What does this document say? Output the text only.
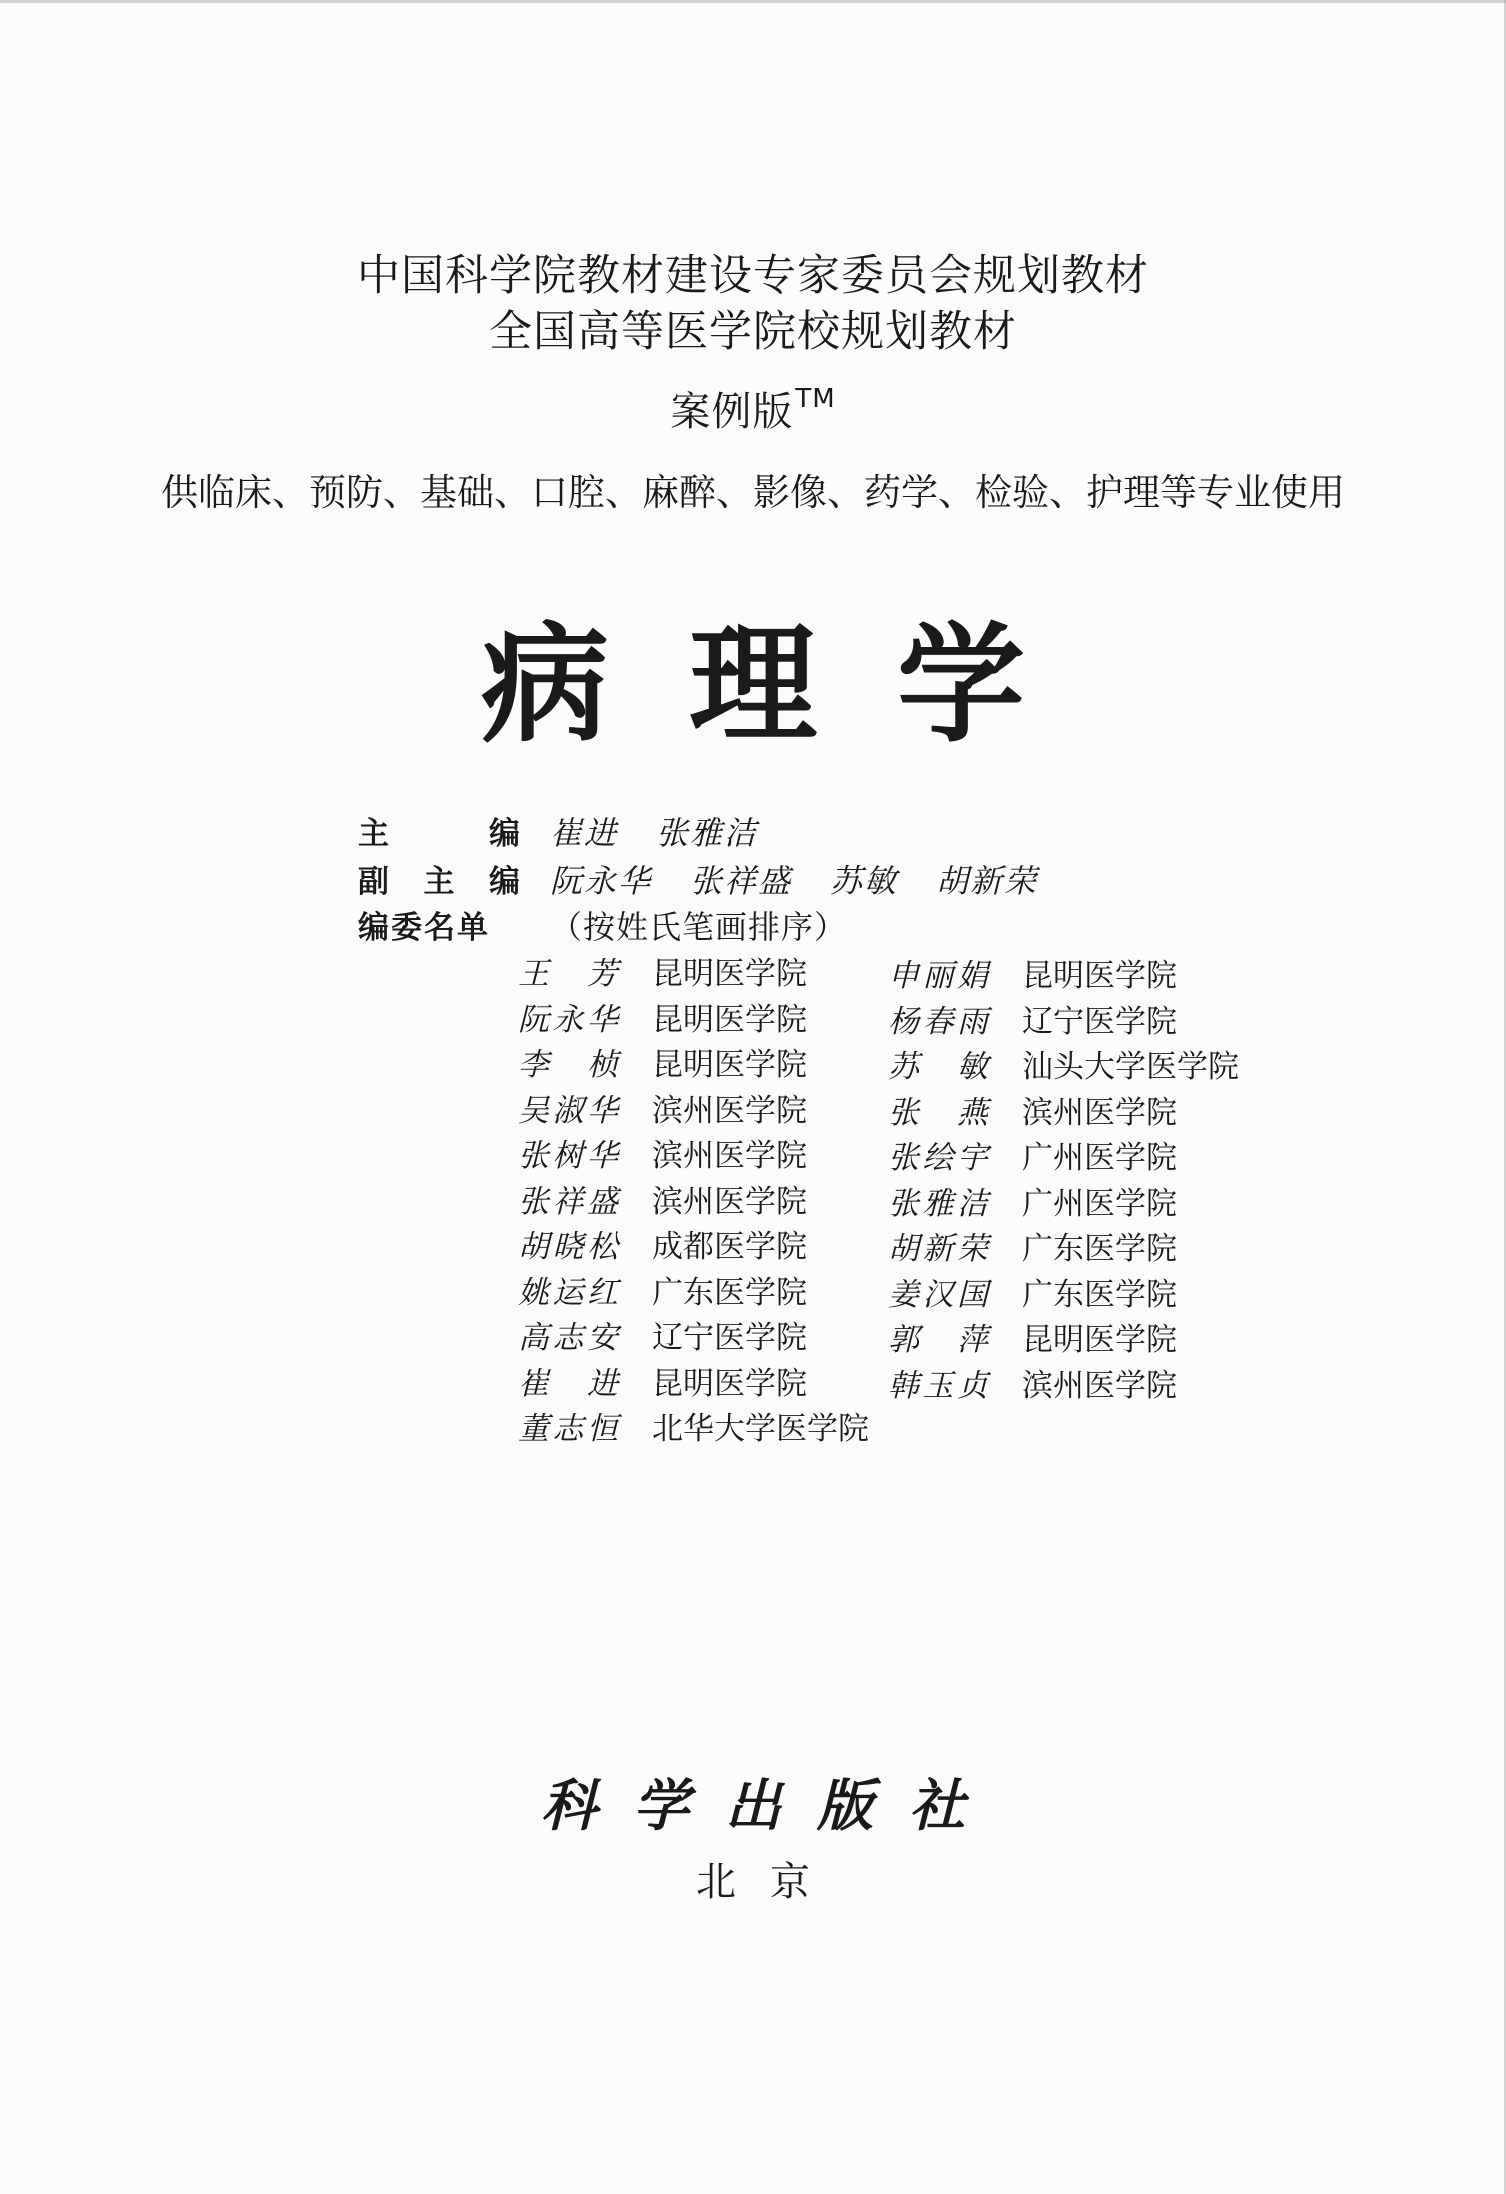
中国科学院教材建设专家委员会规划教材
全国高等医学院校规划教材
案例版™
供临床、预防、基础、口腔、麻醉、影像、药学、检验、护理等专业使用
病理学
主	编 崔进 张雅洁
副 主 编 阮永华 张祥盛 苏敏 胡新荣
编委名单	（按姓氏笔画排序）
王 芳 昆明医学院
阮 永 华 昆明医学院
李 桢 昆明医学院
吴 淑 华 滨州医学院
张 树 华 滨州医学院
张 祥 盛 滨州医学院
胡 晓 松 成都医学院
姚 运 红 广东医学院
高 志 安 辽宁医学院
崔 进 昆明医学院
董 志 恒 北华大学医学院
申 丽 娟 昆明医学院
杨 春 雨 辽宁医学院
苏 敏 汕头大学医学院
张 燕 滨州医学院
张 绘 宇 广州医学院
张 雅 洁 广州医学院
胡 新 荣 广东医学院
姜 汉 国 广东医学院
郭 萍 昆明医学院
韩 玉 贞 滨州医学院
科学出版社
北京
